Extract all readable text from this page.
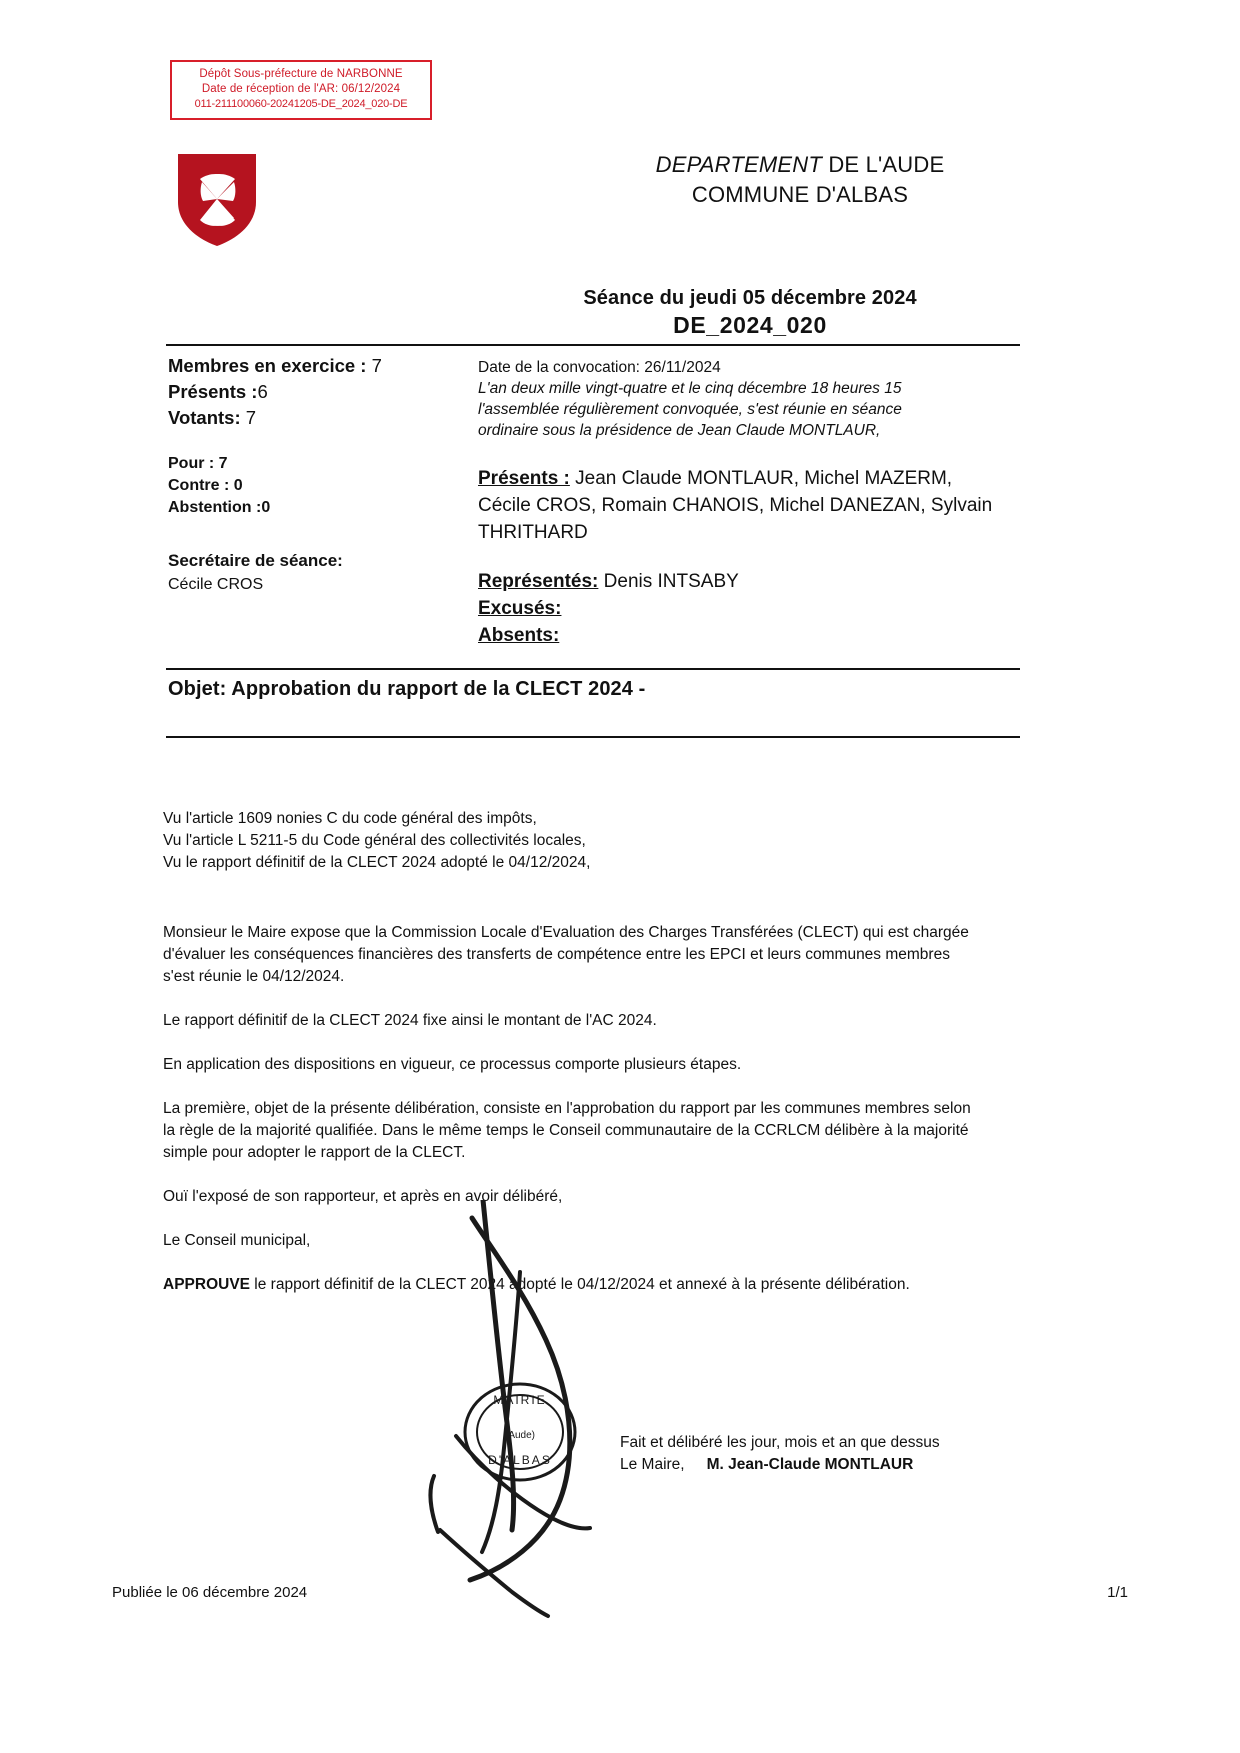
Dépôt Sous-préfecture de NARBONNE
Date de réception de l'AR: 06/12/2024
011-211100060-20241205-DE_2024_020-DE
DEPARTEMENT DE L'AUDE
COMMUNE D'ALBAS
Séance du jeudi 05 décembre 2024
DE_2024_020
Membres en exercice : 7
Présents :6
Votants: 7
Pour : 7
Contre : 0
Abstention :0
Secrétaire de séance:
Cécile CROS
Date de la convocation: 26/11/2024
L'an deux mille vingt-quatre et le cinq décembre 18 heures 15
l'assemblée régulièrement convoquée, s'est réunie en séance
ordinaire sous la présidence de Jean Claude MONTLAUR,
Présents : Jean Claude MONTLAUR, Michel MAZERM, Cécile CROS, Romain CHANOIS, Michel DANEZAN, Sylvain THRITHARD
Représentés: Denis INTSABY
Excusés:
Absents:
Objet: Approbation du rapport de la CLECT 2024 -
Vu l'article 1609 nonies C du code général des impôts,
Vu l'article L 5211-5 du Code général des collectivités locales,
Vu le rapport définitif de la CLECT 2024 adopté le 04/12/2024,

Monsieur le Maire expose que la Commission Locale d'Evaluation des Charges Transférées (CLECT) qui est chargée d'évaluer les conséquences financières des transferts de compétence entre les EPCI et leurs communes membres s'est réunie le 04/12/2024.

Le rapport définitif de la CLECT 2024 fixe ainsi le montant de l'AC 2024.

En application des dispositions en vigueur, ce processus comporte plusieurs étapes.

La première, objet de la présente délibération, consiste en l'approbation du rapport par les communes membres selon la règle de la majorité qualifiée. Dans le même temps le Conseil communautaire de la CCRLCM délibère à la majorité simple pour adopter le rapport de la CLECT.

Ouï l'exposé de son rapporteur, et après en avoir délibéré,

Le Conseil municipal,

APPROUVE le rapport définitif de la CLECT 2024 adopté le 04/12/2024 et annexé à la présente délibération.

MAIRIE
D'ALBAS
(Aude)	Fait et délibéré les jour, mois et an que dessus
Le Maire, M. Jean-Claude MONTLAUR
Publiée le 06 décembre 2024	1/1
